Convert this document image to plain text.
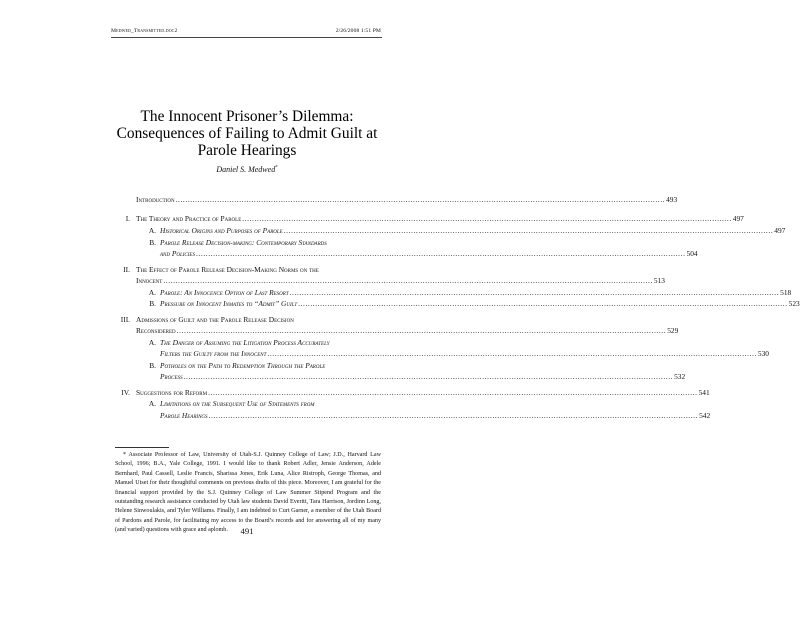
Medwed_Transmitted.doc2	2/26/2008 1:51 PM
The Innocent Prisoner’s Dilemma:
Consequences of Failing to Admit Guilt at
Parole Hearings
Daniel S. Medwed*
Introduction ........................................................................................................................................................................................................ 493
I. The Theory and Practice of Parole ........................................................................................................................................................................................................ 497
A. Historical Origins and Purposes of Parole ........................................................................................................................................................................................................ 497
B. Parole Release Decision-making: Contemporary Standards
and Policies ........................................................................................................................................................................................................ 504
II. The Effect of Parole Release Decision-Making Norms on the
Innocent ........................................................................................................................................................................................................ 513
A. Parole: An Innocence Option of Last Resort ........................................................................................................................................................................................................ 518
B. Pressure on Innocent Inmates to “Admit” Guilt ........................................................................................................................................................................................................ 523
III. Admissions of Guilt and the Parole Release Decision
Reconsidered ........................................................................................................................................................................................................ 529
A. The Danger of Assuming the Litigation Process Accurately
Filters the Guilty from the Innocent ........................................................................................................................................................................................................ 530
B. Potholes on the Path to Redemption Through the Parole
Process ........................................................................................................................................................................................................ 532
IV. Suggestions for Reform ........................................................................................................................................................................................................ 541
A. Limitations on the Subsequent Use of Statements from
Parole Hearings ........................................................................................................................................................................................................ 542
* Associate Professor of Law, University of Utah-S.J. Quinney College of Law; J.D., Harvard Law School, 1996; B.A., Yale College, 1991. I would like to thank Robert Adler, Jensie Anderson, Adele Bernhard, Paul Cassell, Leslie Francis, Sharissa Jones, Erik Luna, Alice Ristroph, George Thomas, and Manuel Utset for their thoughtful comments on previous drafts of this piece. Moreover, I am grateful for the financial support provided by the S.J. Quinney College of Law Summer Stipend Program and the outstanding research assistance conducted by Utah law students David Everitt, Tara Harrison, Jordinn Long, Helene Sinwoulakis, and Tyler Williams. Finally, I am indebted to Curt Garner, a member of the Utah Board of Pardons and Parole, for facilitating my access to the Board’s records and for answering all of my many (and varied) questions with grace and aplomb.	491
